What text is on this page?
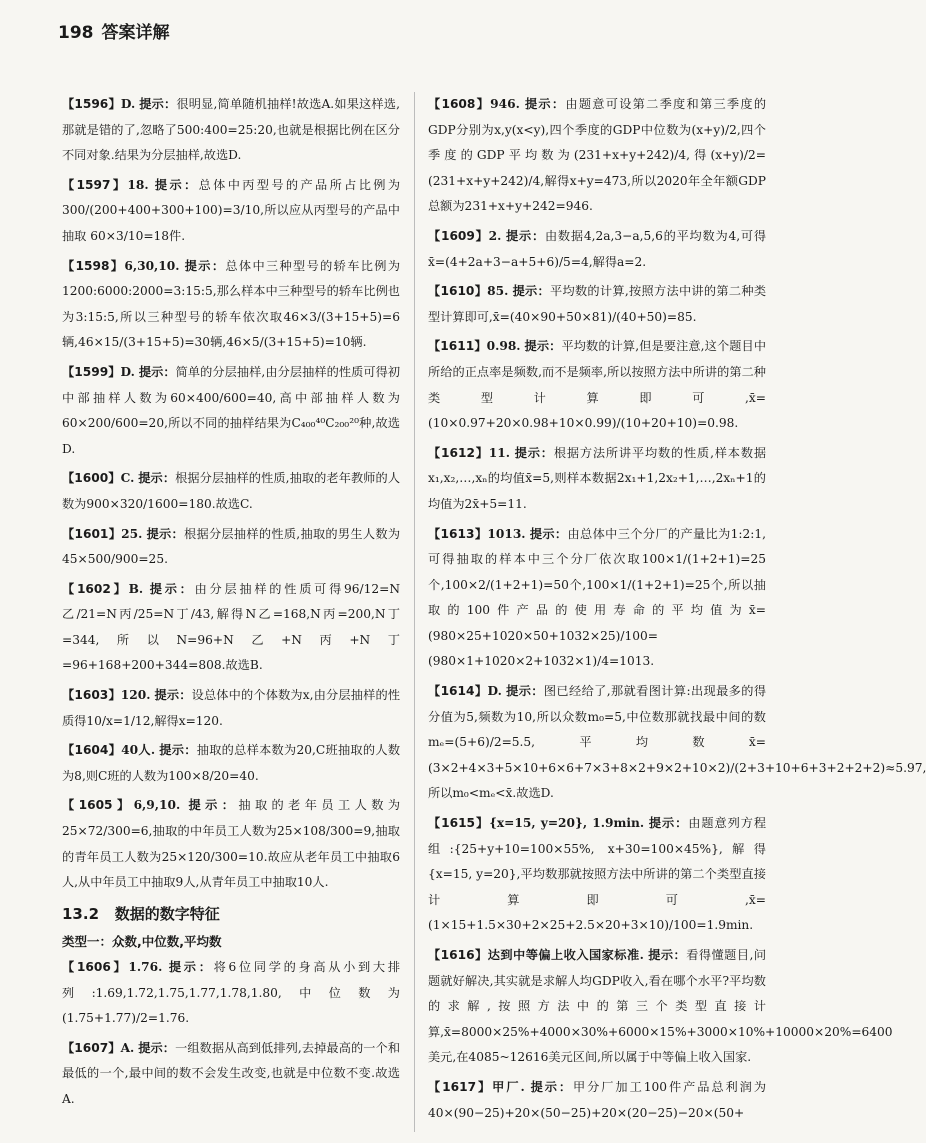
198 答案详解
【1596】D. 提示：很明显,简单随机抽样!故选A.如果这样选,那就是错的了,忽略了500:400=25:20,也就是根据比例在区分不同对象.结果为分层抽样,故选D.
【1597】18. 提示：总体中丙型号的产品所占比例为 300/(200+400+300+100)=3/10,所以应从丙型号的产品中抽取 60×3/10=18件.
【1598】6,30,10. 提示：总体中三种型号的轿车比例为1200:6000:2000=3:15:5,那么样本中三种型号的轿车比例也为3:15:5,所以三种型号的轿车依次取46×3/(3+15+5)=6辆,46×15/(3+15+5)=30辆,46×5/(3+15+5)=10辆.
【1599】D. 提示：简单的分层抽样,由分层抽样的性质可得初中部抽样人数为60×400/600=40,高中部抽样人数为60×200/600=20,所以不同的抽样结果为C₄₀₀⁴⁰C₂₀₀²⁰种,故选D.
【1600】C. 提示：根据分层抽样的性质,抽取的老年教师的人数为900×320/1600=180.故选C.
【1601】25. 提示：根据分层抽样的性质,抽取的男生人数为45×500/900=25.
【1602】B. 提示：由分层抽样的性质可得96/12=N乙/21=N丙/25=N丁/43,解得N乙=168,N丙=200,N丁=344,所以N=96+N乙+N丙+N丁=96+168+200+344=808.故选B.
【1603】120. 提示：设总体中的个体数为x,由分层抽样的性质得10/x=1/12,解得x=120.
【1604】40人. 提示：抽取的总样本数为20,C班抽取的人数为8,则C班的人数为100×8/20=40.
【1605】6,9,10. 提示：抽取的老年员工人数为25×72/300=6,抽取的中年员工人数为25×108/300=9,抽取的青年员工人数为25×120/300=10.故应从老年员工中抽取6人,从中年员工中抽取9人,从青年员工中抽取10人.
13.2 数据的数字特征
类型一：众数,中位数,平均数
【1606】1.76. 提示：将6位同学的身高从小到大排列:1.69,1.72,1.75,1.77,1.78,1.80,中位数为(1.75+1.77)/2=1.76.
【1607】A. 提示：一组数据从高到低排列,去掉最高的一个和最低的一个,最中间的数不会发生改变,也就是中位数不变.故选A.
【1608】946. 提示：由题意可设第二季度和第三季度的GDP分别为x,y(x<y),四个季度的GDP中位数为(x+y)/2,四个季度的GDP平均数为(231+x+y+242)/4,得(x+y)/2=(231+x+y+242)/4,解得x+y=473,所以2020年全年额GDP总额为231+x+y+242=946.
【1609】2. 提示：由数据4,2a,3−a,5,6的平均数为4,可得x̄=(4+2a+3−a+5+6)/5=4,解得a=2.
【1610】85. 提示：平均数的计算,按照方法中讲的第二种类型计算即可,x̄=(40×90+50×81)/(40+50)=85.
【1611】0.98. 提示：平均数的计算,但是要注意,这个题目中所给的正点率是频数,而不是频率,所以按照方法中所讲的第二种类型计算即可,x̄=(10×0.97+20×0.98+10×0.99)/(10+20+10)=0.98.
【1612】11. 提示：根据方法所讲平均数的性质,样本数据x₁,x₂,…,xₙ的均值x̄=5,则样本数据2x₁+1,2x₂+1,…,2xₙ+1的均值为2x̄+5=11.
【1613】1013. 提示：由总体中三个分厂的产量比为1:2:1,可得抽取的样本中三个分厂依次取100×1/(1+2+1)=25个,100×2/(1+2+1)=50个,100×1/(1+2+1)=25个,所以抽取的100件产品的使用寿命的平均值为x̄=(980×25+1020×50+1032×25)/100=(980×1+1020×2+1032×1)/4=1013.
【1614】D. 提示：图已经给了,那就看图计算:出现最多的得分值为5,频数为10,所以众数m₀=5,中位数那就找最中间的数mₑ=(5+6)/2=5.5,平均数x̄=(3×2+4×3+5×10+6×6+7×3+8×2+9×2+10×2)/(2+3+10+6+3+2+2+2)≈5.97,所以m₀<mₑ<x̄.故选D.
【1615】{x=15, y=20}, 1.9min. 提示：由题意列方程组:{25+y+10=100×55%, x+30=100×45%},解得{x=15, y=20},平均数那就按照方法中所讲的第二个类型直接计算即可,x̄=(1×15+1.5×30+2×25+2.5×20+3×10)/100=1.9min.
【1616】达到中等偏上收入国家标准. 提示：看得懂题目,问题就好解决,其实就是求解人均GDP收入,看在哪个水平?平均数的求解,按照方法中的第三个类型直接计算,x̄=8000×25%+4000×30%+6000×15%+3000×10%+10000×20%=6400美元,在4085~12616美元区间,所以属于中等偏上收入国家.
【1617】甲厂. 提示：甲分厂加工100件产品总利润为40×(90−25)+20×(50−25)+20×(20−25)−20×(50+
